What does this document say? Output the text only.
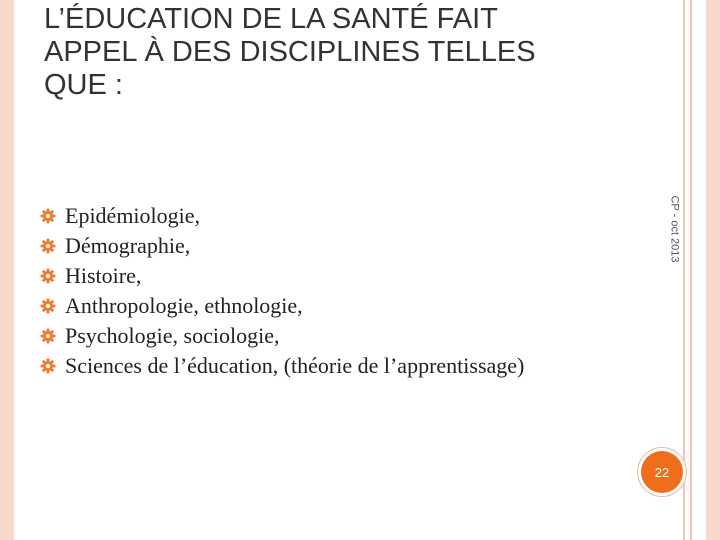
L’ÉDUCATION DE LA SANTÉ FAIT
APPEL À DES DISCIPLINES TELLES
QUE :
Epidémiologie,
Démographie,
Histoire,
Anthropologie, ethnologie,
Psychologie, sociologie,
Sciences de l’éducation, (théorie de l’apprentissage)
CP - oct 2013
22
